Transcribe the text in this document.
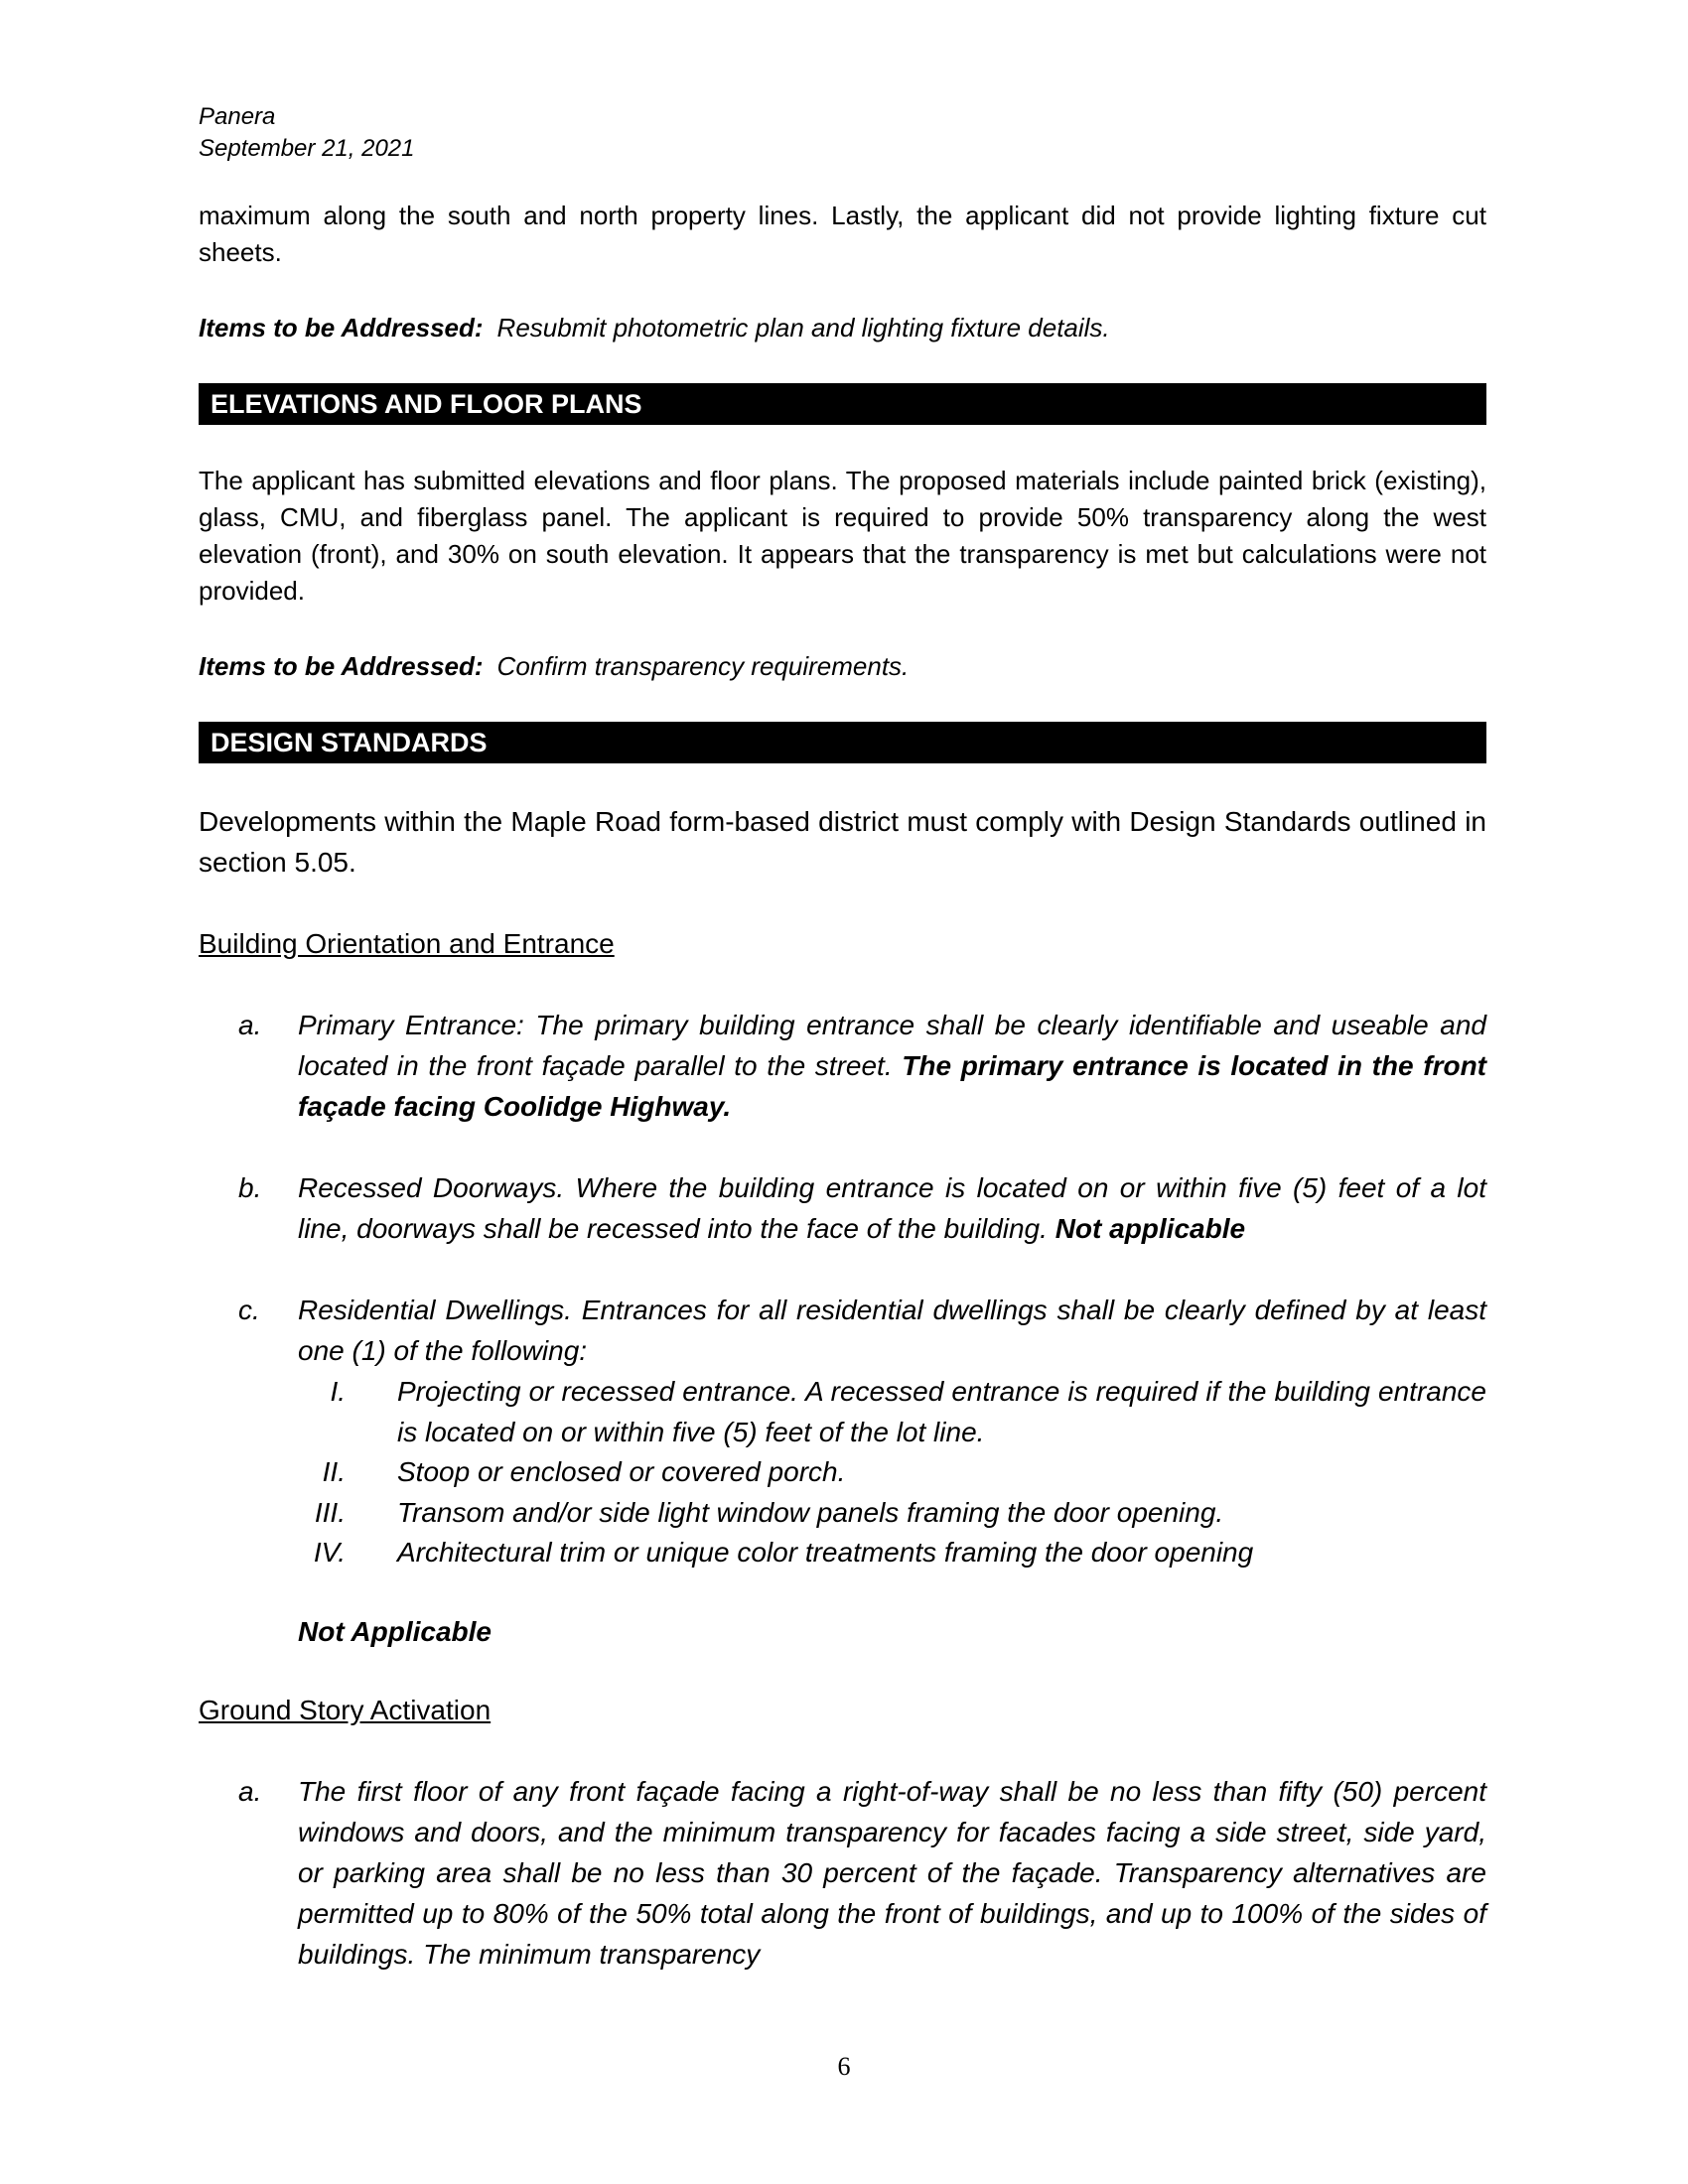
Panera
September 21, 2021
maximum along the south and north property lines. Lastly, the applicant did not provide lighting fixture cut sheets.
Items to be Addressed: Resubmit photometric plan and lighting fixture details.
ELEVATIONS AND FLOOR PLANS
The applicant has submitted elevations and floor plans. The proposed materials include painted brick (existing), glass, CMU, and fiberglass panel. The applicant is required to provide 50% transparency along the west elevation (front), and 30% on south elevation. It appears that the transparency is met but calculations were not provided.
Items to be Addressed: Confirm transparency requirements.
DESIGN STANDARDS
Developments within the Maple Road form-based district must comply with Design Standards outlined in section 5.05.
Building Orientation and Entrance
a.	Primary Entrance: The primary building entrance shall be clearly identifiable and useable and located in the front façade parallel to the street. The primary entrance is located in the front façade facing Coolidge Highway.
b.	Recessed Doorways. Where the building entrance is located on or within five (5) feet of a lot line, doorways shall be recessed into the face of the building. Not applicable
c.	Residential Dwellings. Entrances for all residential dwellings shall be clearly defined by at least one (1) of the following:
I. Projecting or recessed entrance. A recessed entrance is required if the building entrance is located on or within five (5) feet of the lot line.
II. Stoop or enclosed or covered porch.
III. Transom and/or side light window panels framing the door opening.
IV. Architectural trim or unique color treatments framing the door opening
Not Applicable
Ground Story Activation
a.	The first floor of any front façade facing a right-of-way shall be no less than fifty (50) percent windows and doors, and the minimum transparency for facades facing a side street, side yard, or parking area shall be no less than 30 percent of the façade. Transparency alternatives are permitted up to 80% of the 50% total along the front of buildings, and up to 100% of the sides of buildings. The minimum transparency
6
